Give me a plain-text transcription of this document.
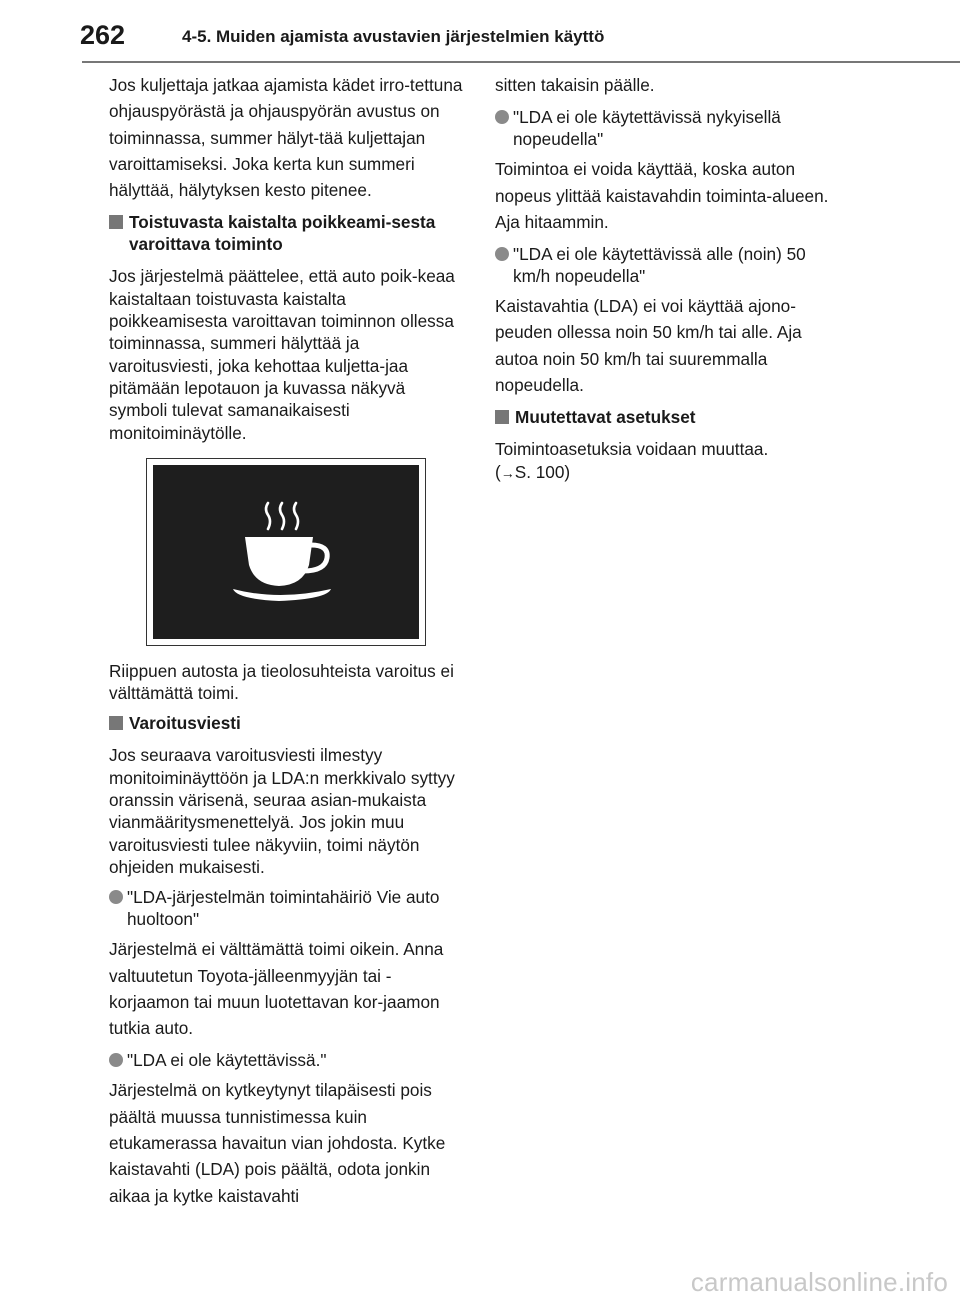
262	4-5. Muiden ajamista avustavien järjestelmien käyttö

Jos kuljettaja jatkaa ajamista kädet irro-tettuna ohjauspyörästä ja ohjauspyörän avustus on toiminnassa, summer hälyt-tää kuljettajan varoittamiseksi. Joka kerta kun summeri hälyttää, hälytyksen kesto pitenee.

Toistuvasta kaistalta poikkeami-sesta varoittava toiminto

Jos järjestelmä päättelee, että auto poik-keaa kaistaltaan toistuvasta kaistalta poikkeamisesta varoittavan toiminnon ollessa toiminnassa, summeri hälyttää ja varoitusviesti, joka kehottaa kuljetta-jaa pitämään lepotauon ja kuvassa näkyvä symboli tulevat samanaikaisesti monitoiminäytölle.

Riippuen autosta ja tieolosuhteista varoitus ei välttämättä toimi.

Varoitusviesti

Jos seuraava varoitusviesti ilmestyy monitoiminäyttöön ja LDA:n merkkivalo syttyy oranssin värisenä, seuraa asian-mukaista vianmääritysmenettelyä. Jos jokin muu varoitusviesti tulee näkyviin, toimi näytön ohjeiden mukaisesti.

"LDA-järjestelmän toimintahäiriö Vie auto huoltoon"

Järjestelmä ei välttämättä toimi oikein. Anna valtuutetun Toyota-jälleenmyyjän tai -korjaamon tai muun luotettavan kor-jaamon tutkia auto.

"LDA ei ole käytettävissä."

Järjestelmä on kytkeytynyt tilapäisesti pois päältä muussa tunnistimessa kuin etukamerassa havaitun vian johdosta. Kytke kaistavahti (LDA) pois päältä, odota jonkin aikaa ja kytke kaistavahti

sitten takaisin päälle.

"LDA ei ole käytettävissä nykyisellä nopeudella"

Toimintoa ei voida käyttää, koska auton nopeus ylittää kaistavahdin toiminta-alueen. Aja hitaammin.

"LDA ei ole käytettävissä alle (noin) 50 km/h nopeudella"

Kaistavahtia (LDA) ei voi käyttää ajono-peuden ollessa noin 50 km/h tai alle. Aja autoa noin 50 km/h tai suuremmalla nopeudella.

Muutettavat asetukset

Toimintoasetuksia voidaan muuttaa.
(→S. 100)

carmanualsonline.info
